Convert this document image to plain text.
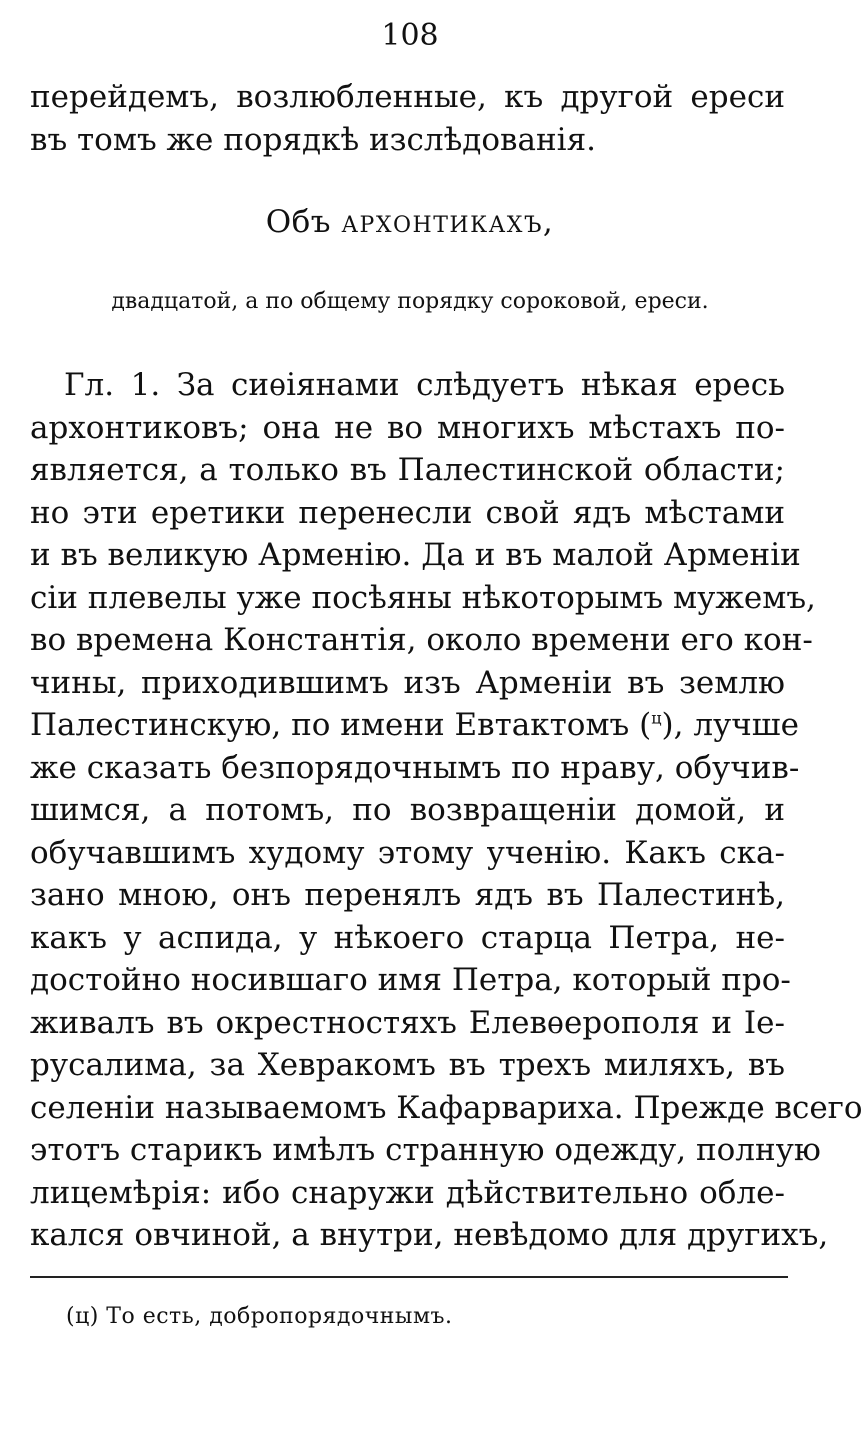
108
перейдемъ, возлюбленные, къ другой ереси
въ томъ же порядкѣ изслѣдованія.
Объ архонтикахъ,
двадцатой, а по общему порядку сороковой, ереси.
Гл. 1. За сиѳіянами слѣдуетъ нѣкая ересь
архонтиковъ; она не во многихъ мѣстахъ по-
является, а только въ Палестинской области;
но эти еретики перенесли свой ядъ мѣстами
и въ великую Арменію. Да и въ малой Арменіи
сіи плевелы уже посѣяны нѣкоторымъ мужемъ,
во времена Константія, около времени его кон-
чины, приходившимъ изъ Арменіи въ землю
Палестинскую, по имени Евтактомъ ($^ц$), лучше
же сказать безпорядочнымъ по нраву, обучив-
шимся, а потомъ, по возвращеніи домой, и
обучавшимъ худому этому ученію. Какъ ска-
зано мною, онъ перенялъ ядъ въ Палестинѣ,
какъ у аспида, у нѣкоего старца Петра, не-
достойно носившаго имя Петра, который про-
живалъ въ окрестностяхъ Елевѳерополя и Іе-
русалима, за Хевракомъ въ трехъ миляхъ, въ
селеніи называемомъ Кафарвариха. Прежде всего
этотъ старикъ имѣлъ странную одежду, полную
лицемѣрія: ибо снаружи дѣйствительно обле-
кался овчиной, а внутри, невѣдомо для другихъ,
(ц) То есть, добропорядочнымъ.
